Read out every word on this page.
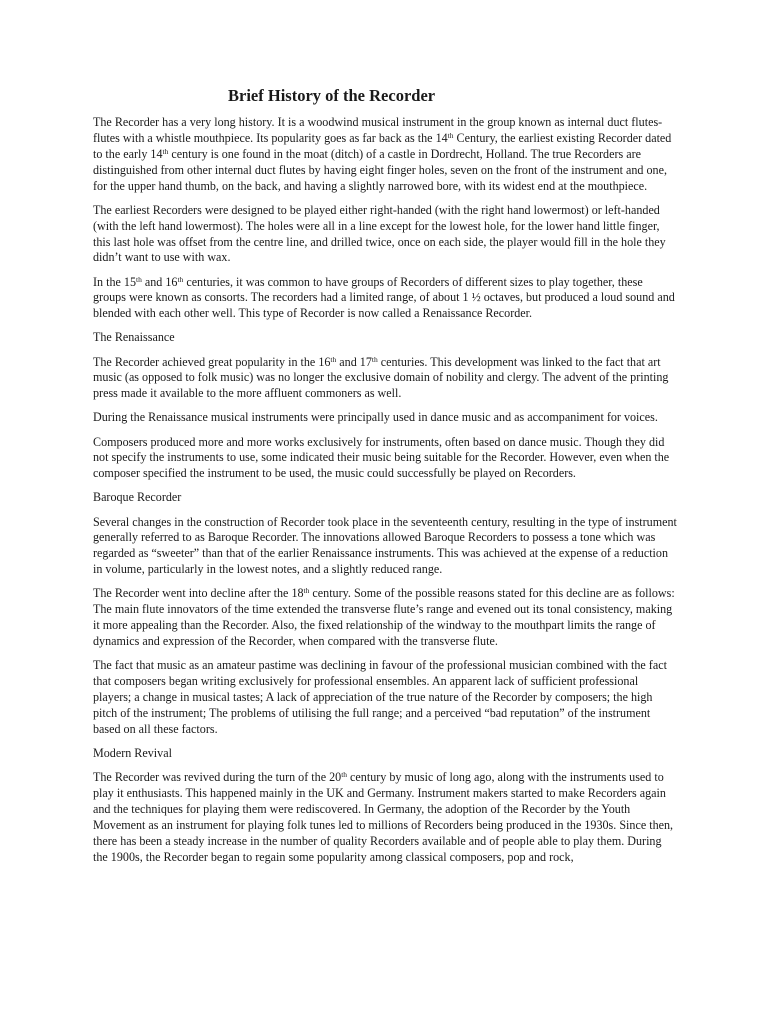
Brief History of the Recorder

The Recorder has a very long history. It is a woodwind musical instrument in the group known as internal duct flutes-flutes with a whistle mouthpiece. Its popularity goes as far back as the 14th Century, the earliest existing Recorder dated to the early 14th century is one found in the moat (ditch) of a castle in Dordrecht, Holland. The true Recorders are distinguished from other internal duct flutes by having eight finger holes, seven on the front of the instrument and one, for the upper hand thumb, on the back, and having a slightly narrowed bore, with its widest end at the mouthpiece.

The earliest Recorders were designed to be played either right-handed (with the right hand lowermost) or left-handed (with the left hand lowermost). The holes were all in a line except for the lowest hole, for the lower hand little finger, this last hole was offset from the centre line, and drilled twice, once on each side, the player would fill in the hole they didn’t want to use with wax.

In the 15th and 16th centuries, it was common to have groups of Recorders of different sizes to play together, these groups were known as consorts. The recorders had a limited range, of about 1 ½ octaves, but produced a loud sound and blended with each other well. This type of Recorder is now called a Renaissance Recorder.

The Renaissance

The Recorder achieved great popularity in the 16th and 17th centuries. This development was linked to the fact that art music (as opposed to folk music) was no longer the exclusive domain of nobility and clergy. The advent of the printing press made it available to the more affluent commoners as well.

During the Renaissance musical instruments were principally used in dance music and as accompaniment for voices.

Composers produced more and more works exclusively for instruments, often based on dance music. Though they did not specify the instruments to use, some indicated their music being suitable for the Recorder. However, even when the composer specified the instrument to be used, the music could successfully be played on Recorders.

Baroque Recorder

Several changes in the construction of Recorder took place in the seventeenth century, resulting in the type of instrument generally referred to as Baroque Recorder. The innovations allowed Baroque Recorders to possess a tone which was regarded as “sweeter” than that of the earlier Renaissance instruments. This was achieved at the expense of a reduction in volume, particularly in the lowest notes, and a slightly reduced range.

The Recorder went into decline after the 18th century. Some of the possible reasons stated for this decline are as follows: The main flute innovators of the time extended the transverse flute’s range and evened out its tonal consistency, making it more appealing than the Recorder. Also, the fixed relationship of the windway to the mouthpart limits the range of dynamics and expression of the Recorder, when compared with the transverse flute.

The fact that music as an amateur pastime was declining in favour of the professional musician combined with the fact that composers began writing exclusively for professional ensembles. An apparent lack of sufficient professional players; a change in musical tastes; A lack of appreciation of the true nature of the Recorder by composers; the high pitch of the instrument; The problems of utilising the full range; and a perceived “bad reputation” of the instrument based on all these factors.

Modern Revival

The Recorder was revived during the turn of the 20th century by music of long ago, along with the instruments used to play it enthusiasts. This happened mainly in the UK and Germany. Instrument makers started to make Recorders again and the techniques for playing them were rediscovered. In Germany, the adoption of the Recorder by the Youth Movement as an instrument for playing folk tunes led to millions of Recorders being produced in the 1930s. Since then, there has been a steady increase in the number of quality Recorders available and of people able to play them. During the 1900s, the Recorder began to regain some popularity among classical composers, pop and rock,
